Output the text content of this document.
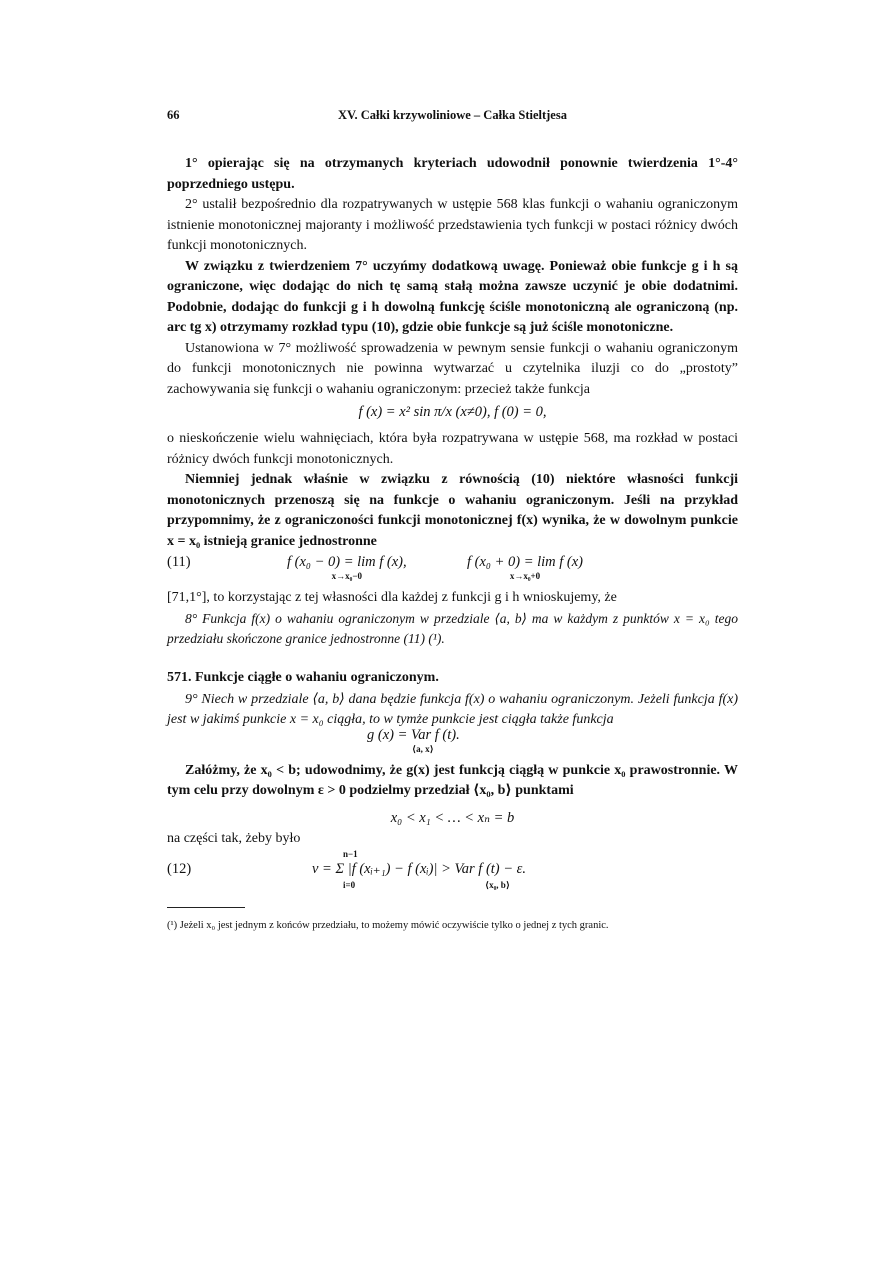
66	XV. Całki krzywoliniowe – Całka Stieltjesa

1° opierając się na otrzymanych kryteriach udowodnił ponownie twierdzenia 1°-4° poprzedniego ustępu.

2° ustalił bezpośrednio dla rozpatrywanych w ustępie 568 klas funkcji o wahaniu ograniczonym istnienie monotonicznej majoranty i możliwość przedstawienia tych funkcji w postaci różnicy dwóch funkcji monotonicznych.

W związku z twierdzeniem 7° uczyńmy dodatkową uwagę. Ponieważ obie funkcje g i h są ograniczone, więc dodając do nich tę samą stałą można zawsze uczynić je obie dodatnimi. Podobnie, dodając do funkcji g i h dowolną funkcję ściśle monotoniczną ale ograniczoną (np. arc tg x) otrzymamy rozkład typu (10), gdzie obie funkcje są już ściśle monotoniczne.

Ustanowiona w 7° możliwość sprowadzenia w pewnym sensie funkcji o wahaniu ograniczonym do funkcji monotonicznych nie powinna wytwarzać u czytelnika iluzji co do „prostoty” zachowywania się funkcji o wahaniu ograniczonym: przecież także funkcja

f (x) = x² sin π/x (x≠0), f (0) = 0,

o nieskończenie wielu wahnięciach, która była rozpatrywana w ustępie 568, ma rozkład w postaci różnicy dwóch funkcji monotonicznych.

Niemniej jednak właśnie w związku z równością (10) niektóre własności funkcji monotonicznych przenoszą się na funkcje o wahaniu ograniczonym. Jeśli na przykład przypomnimy, że z ograniczoności funkcji monotonicznej f(x) wynika, że w dowolnym punkcie x = x₀ istnieją granice jednostronne

(11)	f (x₀ − 0) = lim f (x),
x→x₀−0
f (x₀ + 0) = lim f (x)
x→x₀+0

[71,1°], to korzystając z tej własności dla każdej z funkcji g i h wnioskujemy, że

8° Funkcja f(x) o wahaniu ograniczonym w przedziale ⟨a, b⟩ ma w każdym z punktów x = x₀ tego przedziału skończone granice jednostronne (11) (¹).

571. Funkcje ciągłe o wahaniu ograniczonym.

9° Niech w przedziale ⟨a, b⟩ dana będzie funkcja f(x) o wahaniu ograniczonym. Jeżeli funkcja f(x) jest w jakimś punkcie x = x₀ ciągła, to w tymże punkcie jest ciągła także funkcja

g (x) = Var f (t).
⟨a, x⟩

Załóżmy, że x₀ < b; udowodnimy, że g(x) jest funkcją ciągłą w punkcie x₀ prawostronnie. W tym celu przy dowolnym ε > 0 podzielmy przedział ⟨x₀, b⟩ punktami

x₀ < x₁ < … < xₙ = b

na części tak, żeby było

(12)
n−1
v = Σ |f (xᵢ₊₁) − f (xᵢ)| > Var f (t) − ε.
i=0	⟨x₀, b⟩

(¹) Jeżeli x₀ jest jednym z końców przedziału, to możemy mówić oczywiście tylko o jednej z tych granic.
